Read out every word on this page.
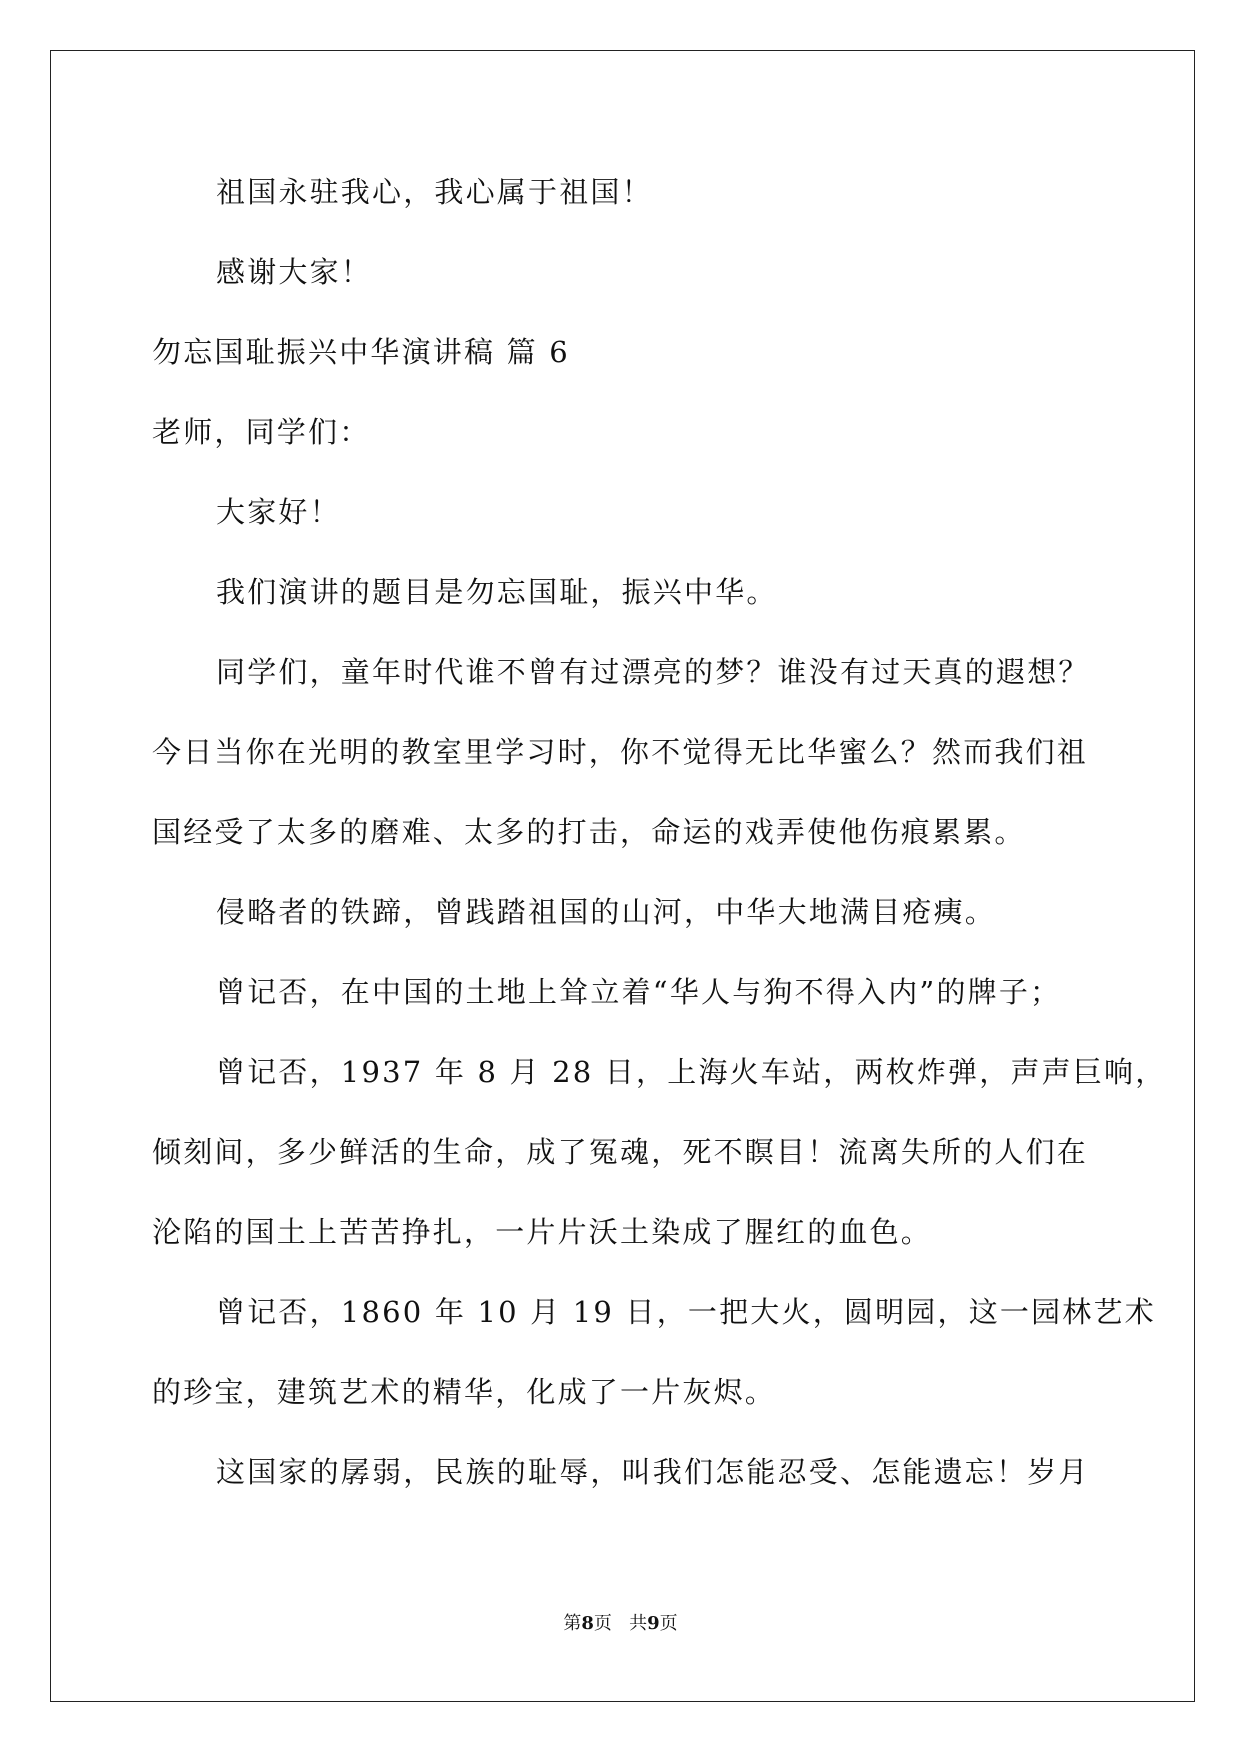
祖国永驻我心，我心属于祖国！
感谢大家！
勿忘国耻振兴中华演讲稿 篇 6
老师，同学们：
大家好！
我们演讲的题目是勿忘国耻，振兴中华。
同学们，童年时代谁不曾有过漂亮的梦？谁没有过天真的遐想？
今日当你在光明的教室里学习时，你不觉得无比华蜜么？然而我们祖
国经受了太多的磨难、太多的打击，命运的戏弄使他伤痕累累。
侵略者的铁蹄，曾践踏祖国的山河，中华大地满目疮痍。
曾记否，在中国的土地上耸立着“华人与狗不得入内”的牌子；
曾记否，1937 年 8 月 28 日，上海火车站，两枚炸弹，声声巨响，
倾刻间，多少鲜活的生命，成了冤魂，死不瞑目！流离失所的人们在
沦陷的国土上苦苦挣扎，一片片沃土染成了腥红的血色。
曾记否，1860 年 10 月 19 日，一把大火，圆明园，这一园林艺术
的珍宝，建筑艺术的精华，化成了一片灰烬。
这国家的孱弱，民族的耻辱，叫我们怎能忍受、怎能遗忘！岁月
第8页   共9页
